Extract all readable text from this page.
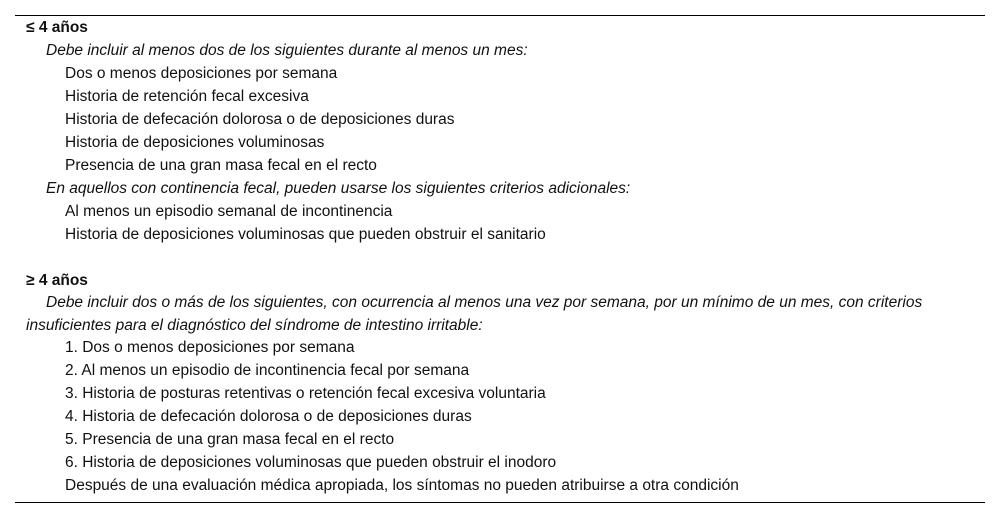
≤ 4 años
Debe incluir al menos dos de los siguientes durante al menos un mes:
Dos o menos deposiciones por semana
Historia de retención fecal excesiva
Historia de defecación dolorosa o de deposiciones duras
Historia de deposiciones voluminosas
Presencia de una gran masa fecal en el recto
En aquellos con continencia fecal, pueden usarse los siguientes criterios adicionales:
Al menos un episodio semanal de incontinencia
Historia de deposiciones voluminosas que pueden obstruir el sanitario
≥ 4 años
Debe incluir dos o más de los siguientes, con ocurrencia al menos una vez por semana, por un mínimo de un mes, con criterios insuficientes para el diagnóstico del síndrome de intestino irritable:
1. Dos o menos deposiciones por semana
2. Al menos un episodio de incontinencia fecal por semana
3. Historia de posturas retentivas o retención fecal excesiva voluntaria
4. Historia de defecación dolorosa o de deposiciones duras
5. Presencia de una gran masa fecal en el recto
6. Historia de deposiciones voluminosas que pueden obstruir el inodoro
Después de una evaluación médica apropiada, los síntomas no pueden atribuirse a otra condición
